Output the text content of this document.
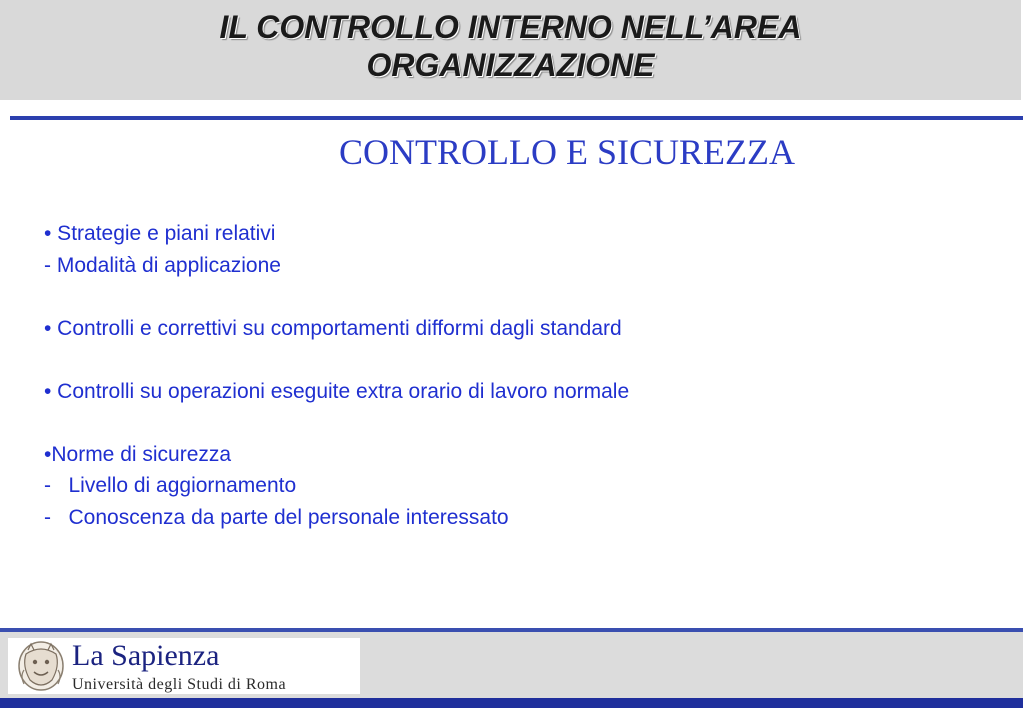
IL CONTROLLO INTERNO NELL’AREA
ORGANIZZAZIONE
CONTROLLO E SICUREZZA
• Strategie e piani relativi
- Modalità di applicazione
• Controlli e correttivi su comportamenti difformi dagli standard
• Controlli su operazioni eseguite extra orario di lavoro normale
•Norme di sicurezza
-   Livello di aggiornamento
-   Conoscenza da parte del personale interessato
La Sapienza
Università degli Studi di Roma
